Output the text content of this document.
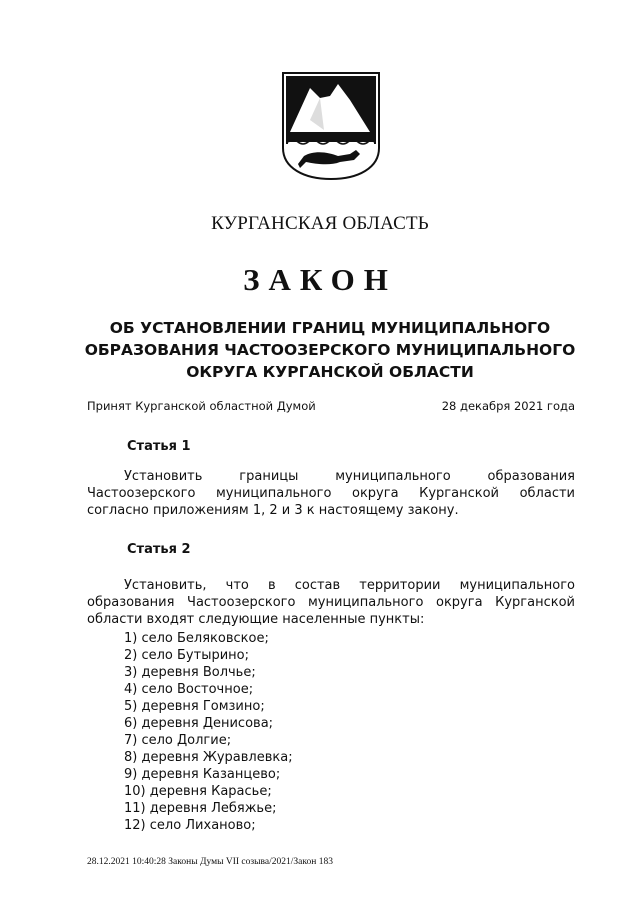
КУРГАНСКАЯ ОБЛАСТЬ
ЗАКОН
ОБ УСТАНОВЛЕНИИ ГРАНИЦ МУНИЦИПАЛЬНОГО
ОБРАЗОВАНИЯ ЧАСТООЗЕРСКОГО МУНИЦИПАЛЬНОГО
ОКРУГА КУРГАНСКОЙ ОБЛАСТИ
Принят Курганской областной Думой	28 декабря 2021 года
Статья 1
Установить границы муниципального образования Частоозерского муниципального округа Курганской области согласно приложениям 1, 2 и 3 к настоящему закону.
Статья 2
Установить, что в состав территории муниципального образования Частоозерского муниципального округа Курганской области входят следующие населенные пункты:
1) село Беляковское;
2) село Бутырино;
3) деревня Волчье;
4) село Восточное;
5) деревня Гомзино;
6) деревня Денисова;
7) село Долгие;
8) деревня Журавлевка;
9) деревня Казанцево;
10) деревня Карасье;
11) деревня Лебяжье;
12) село Лиханово;
28.12.2021 10:40:28 Законы Думы VII созыва/2021/Закон 183
